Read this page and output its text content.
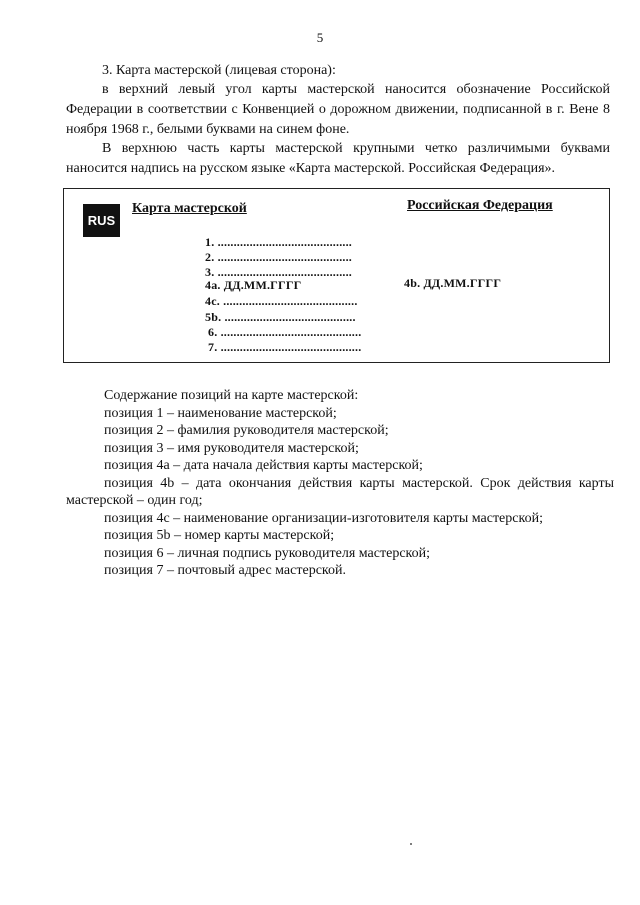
5
3. Карта мастерской (лицевая сторона):
в верхний левый угол карты мастерской наносится обозначение Российской Федерации в соответствии с Конвенцией о дорожном движении, подписанной в г. Вене 8 ноября 1968 г., белыми буквами на синем фоне.
В верхнюю часть карты мастерской крупными четко различимыми буквами наносится надпись на русском языке «Карта мастерской. Российская Федерация».
RUS
Карта мастерской	Российская Федерация
1. ..........................................
2. ..........................................
3. ..........................................
4a. ДД.ММ.ГГГГ	4b. ДД.ММ.ГГГГ
4c. ..........................................
5b. .........................................
6. ............................................
7. ............................................
Содержание позиций на карте мастерской:
позиция 1 – наименование мастерской;
позиция 2 – фамилия руководителя мастерской;
позиция 3 – имя руководителя мастерской;
позиция 4a – дата начала действия карты мастерской;
позиция 4b – дата окончания действия карты мастерской. Срок действия карты мастерской – один год;
позиция 4c – наименование организации-изготовителя карты мастерской;
позиция 5b – номер карты мастерской;
позиция 6 – личная подпись руководителя мастерской;
позиция 7 – почтовый адрес мастерской.
